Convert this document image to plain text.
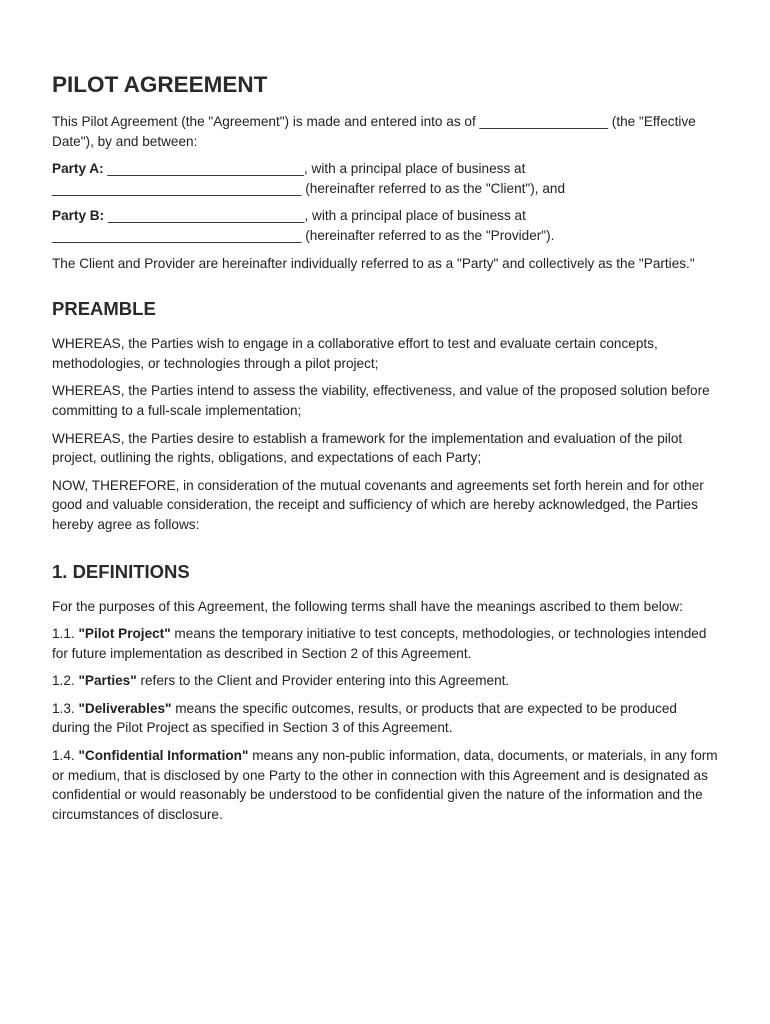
PILOT AGREEMENT

This Pilot Agreement (the "Agreement") is made and entered into as of _________________ (the "Effective Date"), by and between:

Party A: __________________________, with a principal place of business at _________________________________ (hereinafter referred to as the "Client"), and

Party B: __________________________, with a principal place of business at _________________________________ (hereinafter referred to as the "Provider").

The Client and Provider are hereinafter individually referred to as a "Party" and collectively as the "Parties."

PREAMBLE

WHEREAS, the Parties wish to engage in a collaborative effort to test and evaluate certain concepts, methodologies, or technologies through a pilot project;

WHEREAS, the Parties intend to assess the viability, effectiveness, and value of the proposed solution before committing to a full-scale implementation;

WHEREAS, the Parties desire to establish a framework for the implementation and evaluation of the pilot project, outlining the rights, obligations, and expectations of each Party;

NOW, THEREFORE, in consideration of the mutual covenants and agreements set forth herein and for other good and valuable consideration, the receipt and sufficiency of which are hereby acknowledged, the Parties hereby agree as follows:

1. DEFINITIONS

For the purposes of this Agreement, the following terms shall have the meanings ascribed to them below:

1.1. "Pilot Project" means the temporary initiative to test concepts, methodologies, or technologies intended for future implementation as described in Section 2 of this Agreement.

1.2. "Parties" refers to the Client and Provider entering into this Agreement.

1.3. "Deliverables" means the specific outcomes, results, or products that are expected to be produced during the Pilot Project as specified in Section 3 of this Agreement.

1.4. "Confidential Information" means any non-public information, data, documents, or materials, in any form or medium, that is disclosed by one Party to the other in connection with this Agreement and is designated as confidential or would reasonably be understood to be confidential given the nature of the information and the circumstances of disclosure.
